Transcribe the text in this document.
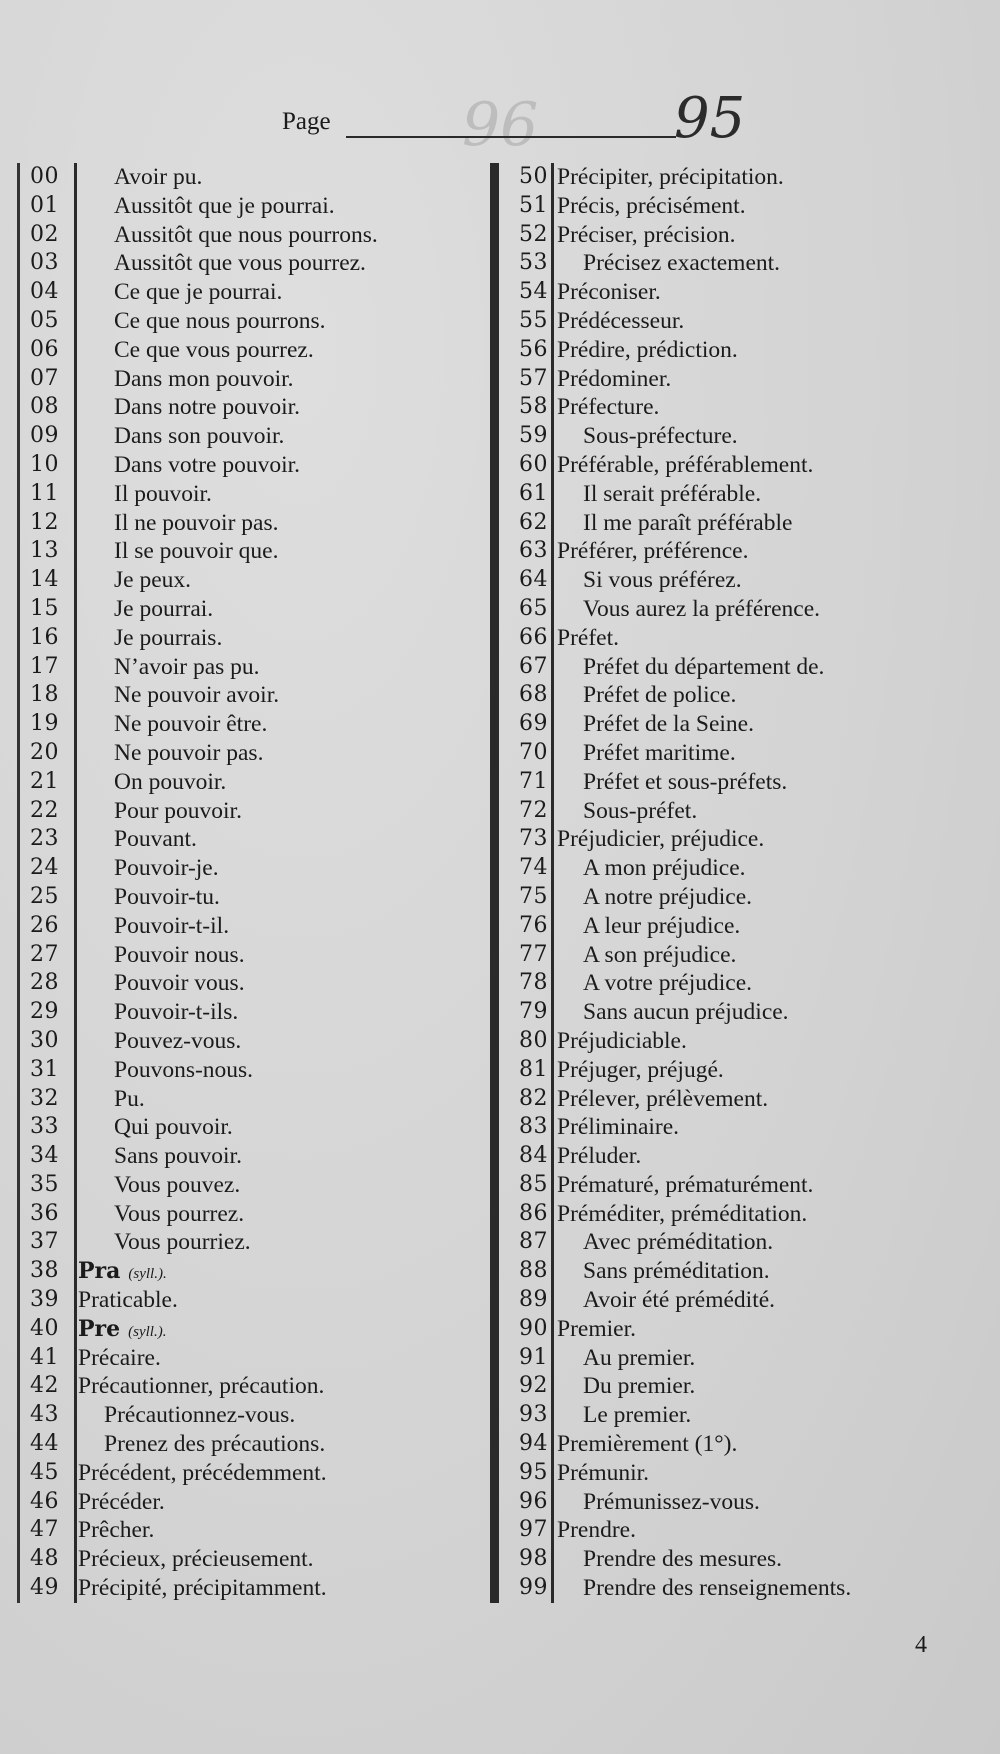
96
Page	95
00 Avoir pu.
01 Aussitôt que je pourrai.
02 Aussitôt que nous pourrons.
03 Aussitôt que vous pourrez.
04 Ce que je pourrai.
05 Ce que nous pourrons.
06 Ce que vous pourrez.
07 Dans mon pouvoir.
08 Dans notre pouvoir.
09 Dans son pouvoir.
10 Dans votre pouvoir.
11 Il pouvoir.
12 Il ne pouvoir pas.
13 Il se pouvoir que.
14 Je peux.
15 Je pourrai.
16 Je pourrais.
17 N’avoir pas pu.
18 Ne pouvoir avoir.
19 Ne pouvoir être.
20 Ne pouvoir pas.
21 On pouvoir.
22 Pour pouvoir.
23 Pouvant.
24 Pouvoir-je.
25 Pouvoir-tu.
26 Pouvoir-t-il.
27 Pouvoir nous.
28 Pouvoir vous.
29 Pouvoir-t-ils.
30 Pouvez-vous.
31 Pouvons-nous.
32 Pu.
33 Qui pouvoir.
34 Sans pouvoir.
35 Vous pouvez.
36 Vous pourrez.
37 Vous pourriez.
38 Pra (syll.).
39 Praticable.
40 Pre (syll.).
41 Précaire.
42 Précautionner, précaution.
43 Précautionnez-vous.
44 Prenez des précautions.
45 Précédent, précédemment.
46 Précéder.
47 Prêcher.
48 Précieux, précieusement.
49 Précipité, précipitamment.
50 Précipiter, précipitation.
51 Précis, précisément.
52 Préciser, précision.
53 Précisez exactement.
54 Préconiser.
55 Prédécesseur.
56 Prédire, prédiction.
57 Prédominer.
58 Préfecture.
59 Sous-préfecture.
60 Préférable, préférablement.
61 Il serait préférable.
62 Il me paraît préférable
63 Préférer, préférence.
64 Si vous préférez.
65 Vous aurez la préférence.
66 Préfet.
67 Préfet du département de.
68 Préfet de police.
69 Préfet de la Seine.
70 Préfet maritime.
71 Préfet et sous-préfets.
72 Sous-préfet.
73 Préjudicier, préjudice.
74 A mon préjudice.
75 A notre préjudice.
76 A leur préjudice.
77 A son préjudice.
78 A votre préjudice.
79 Sans aucun préjudice.
80 Préjudiciable.
81 Préjuger, préjugé.
82 Prélever, prélèvement.
83 Préliminaire.
84 Préluder.
85 Prématuré, prématurément.
86 Préméditer, préméditation.
87 Avec préméditation.
88 Sans préméditation.
89 Avoir été prémédité.
90 Premier.
91 Au premier.
92 Du premier.
93 Le premier.
94 Premièrement (1°).
95 Prémunir.
96 Prémunissez-vous.
97 Prendre.
98 Prendre des mesures.
99 Prendre des renseignements.
4
